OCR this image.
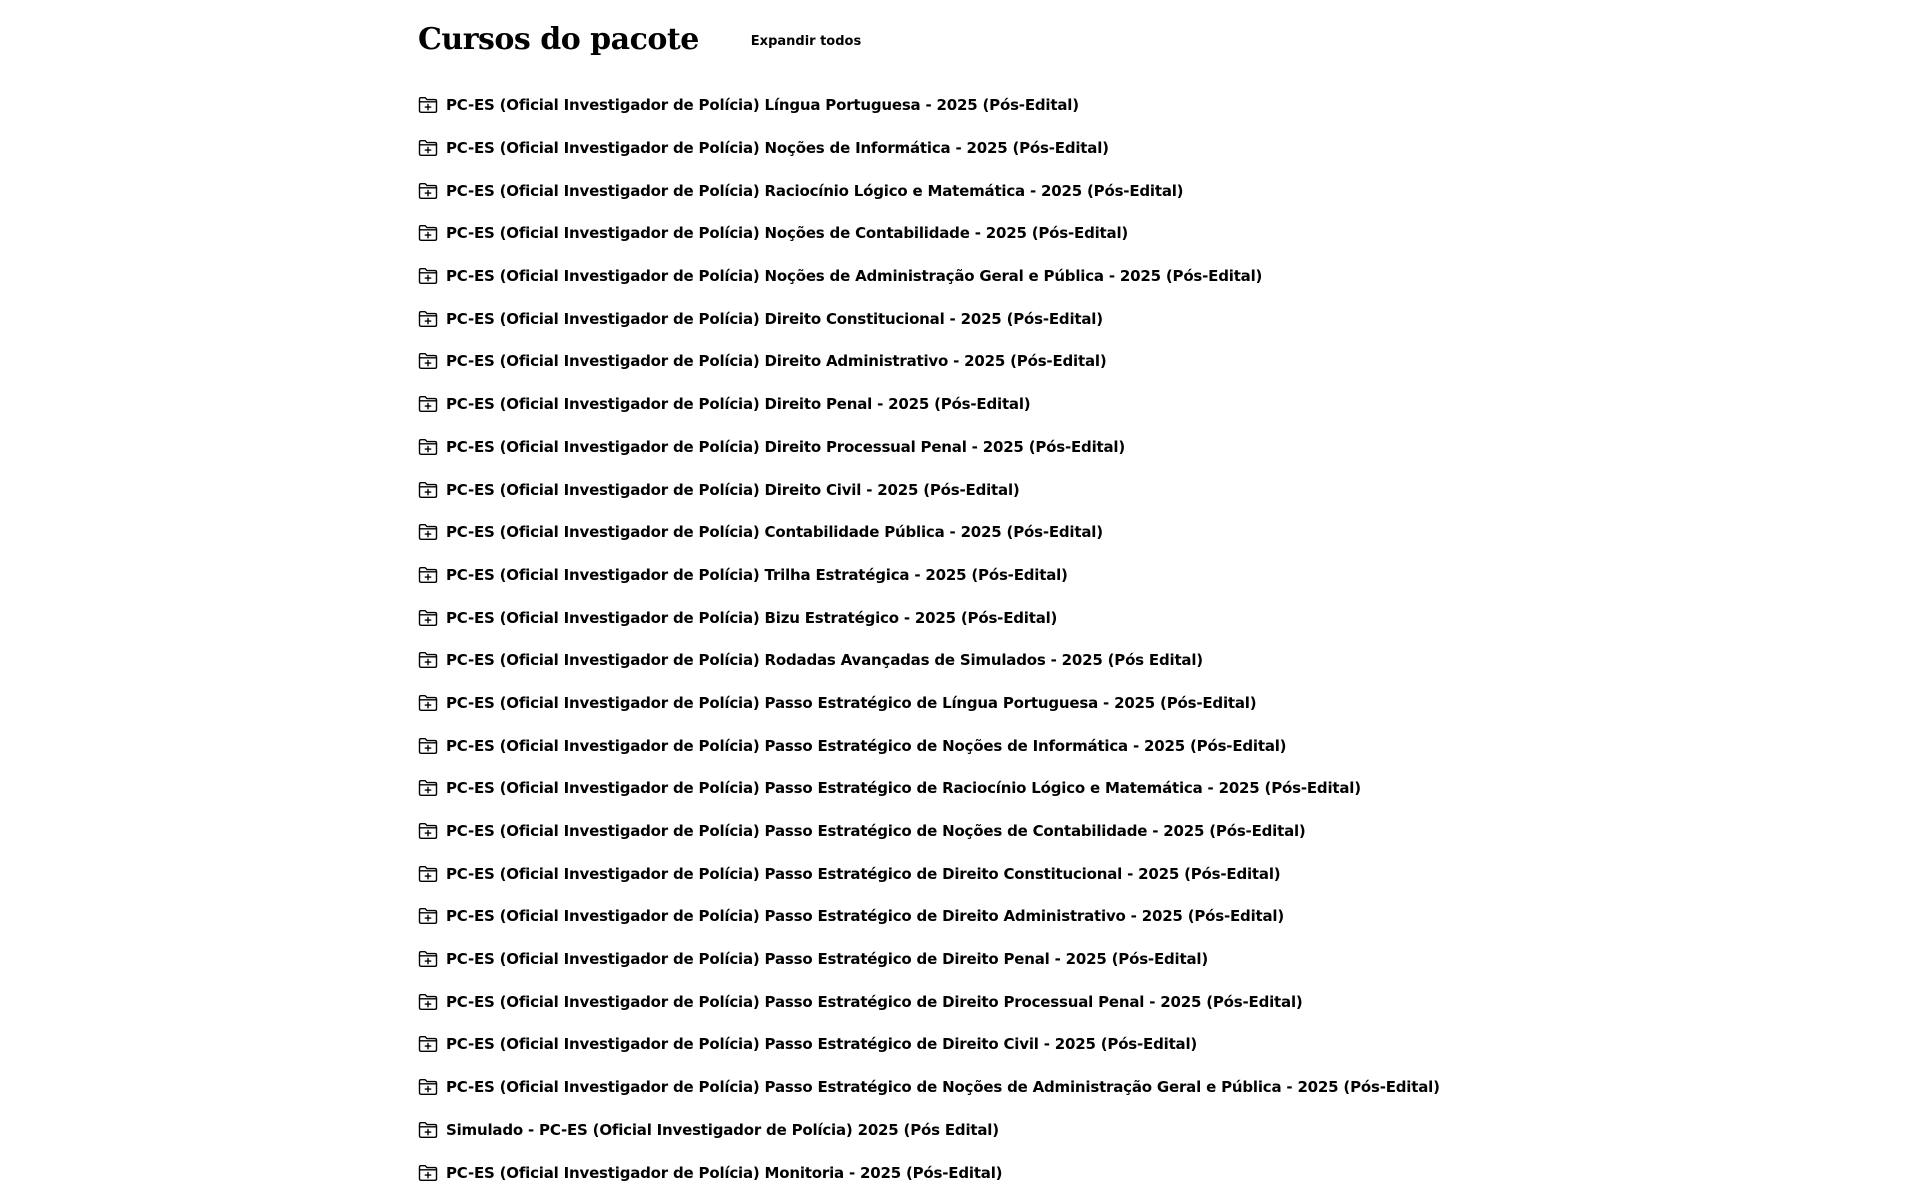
Cursos do pacote	Expandir todos
PC-ES (Oficial Investigador de Polícia) Língua Portuguesa - 2025 (Pós-Edital)
PC-ES (Oficial Investigador de Polícia) Noções de Informática - 2025 (Pós-Edital)
PC-ES (Oficial Investigador de Polícia) Raciocínio Lógico e Matemática - 2025 (Pós-Edital)
PC-ES (Oficial Investigador de Polícia) Noções de Contabilidade - 2025 (Pós-Edital)
PC-ES (Oficial Investigador de Polícia) Noções de Administração Geral e Pública - 2025 (Pós-Edital)
PC-ES (Oficial Investigador de Polícia) Direito Constitucional - 2025 (Pós-Edital)
PC-ES (Oficial Investigador de Polícia) Direito Administrativo - 2025 (Pós-Edital)
PC-ES (Oficial Investigador de Polícia) Direito Penal - 2025 (Pós-Edital)
PC-ES (Oficial Investigador de Polícia) Direito Processual Penal - 2025 (Pós-Edital)
PC-ES (Oficial Investigador de Polícia) Direito Civil - 2025 (Pós-Edital)
PC-ES (Oficial Investigador de Polícia) Contabilidade Pública - 2025 (Pós-Edital)
PC-ES (Oficial Investigador de Polícia) Trilha Estratégica - 2025 (Pós-Edital)
PC-ES (Oficial Investigador de Polícia) Bizu Estratégico - 2025 (Pós-Edital)
PC-ES (Oficial Investigador de Polícia) Rodadas Avançadas de Simulados - 2025 (Pós Edital)
PC-ES (Oficial Investigador de Polícia) Passo Estratégico de Língua Portuguesa - 2025 (Pós-Edital)
PC-ES (Oficial Investigador de Polícia) Passo Estratégico de Noções de Informática - 2025 (Pós-Edital)
PC-ES (Oficial Investigador de Polícia) Passo Estratégico de Raciocínio Lógico e Matemática - 2025 (Pós-Edital)
PC-ES (Oficial Investigador de Polícia) Passo Estratégico de Noções de Contabilidade - 2025 (Pós-Edital)
PC-ES (Oficial Investigador de Polícia) Passo Estratégico de Direito Constitucional - 2025 (Pós-Edital)
PC-ES (Oficial Investigador de Polícia) Passo Estratégico de Direito Administrativo - 2025 (Pós-Edital)
PC-ES (Oficial Investigador de Polícia) Passo Estratégico de Direito Penal - 2025 (Pós-Edital)
PC-ES (Oficial Investigador de Polícia) Passo Estratégico de Direito Processual Penal - 2025 (Pós-Edital)
PC-ES (Oficial Investigador de Polícia) Passo Estratégico de Direito Civil - 2025 (Pós-Edital)
PC-ES (Oficial Investigador de Polícia) Passo Estratégico de Noções de Administração Geral e Pública - 2025 (Pós-Edital)
Simulado - PC-ES (Oficial Investigador de Polícia) 2025 (Pós Edital)
PC-ES (Oficial Investigador de Polícia) Monitoria - 2025 (Pós-Edital)
